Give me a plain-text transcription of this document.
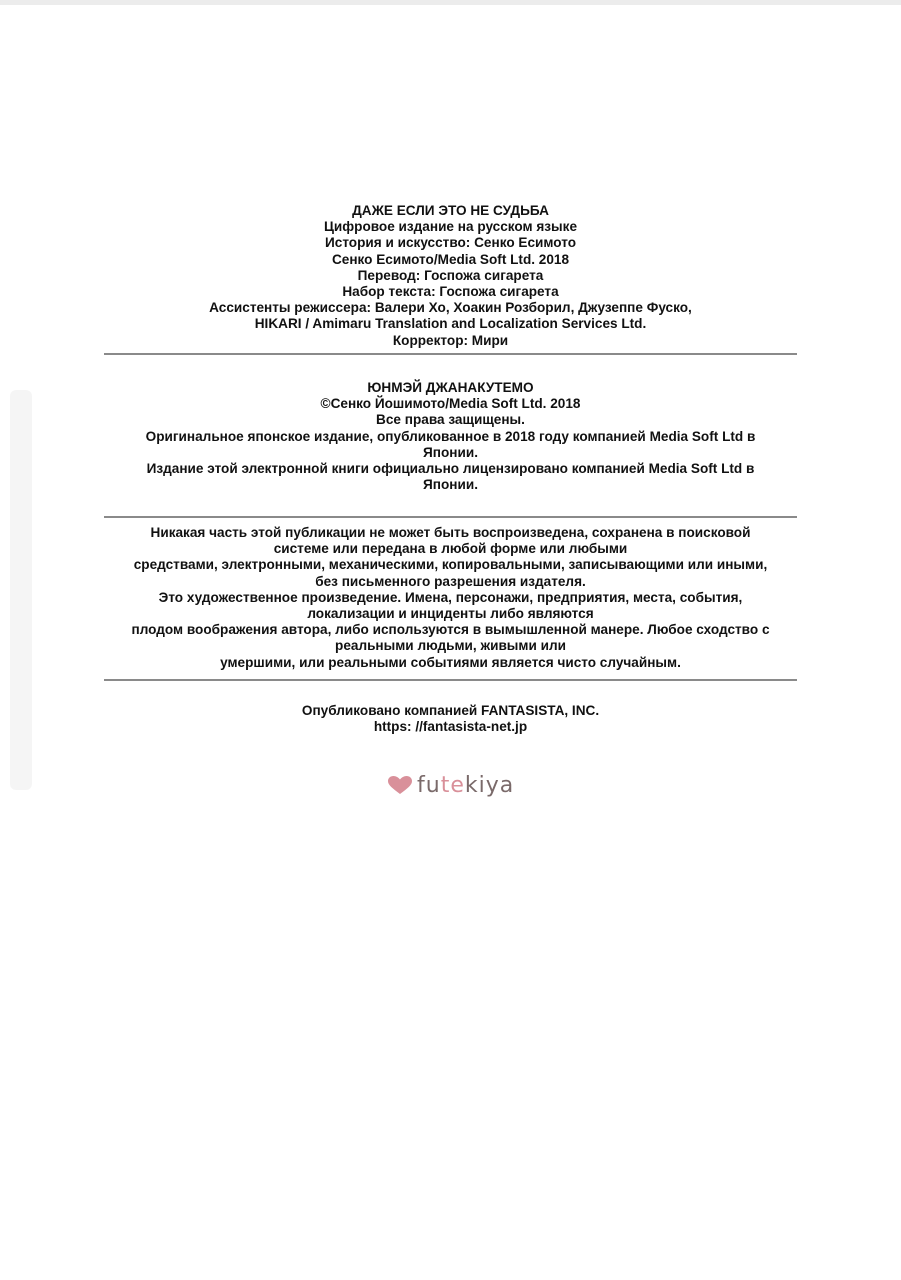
ДАЖЕ ЕСЛИ ЭТО НЕ СУДЬБА
Цифровое издание на русском языке
История и искусство: Сенко Есимото
Сенко Есимото/Media Soft Ltd. 2018
Перевод: Госпожа сигарета
Набор текста: Госпожа сигарета
Ассистенты режиссера: Валери Хо, Хоакин Розборил, Джузеппе Фуско,
HIKARI / Amimaru Translation and Localization Services Ltd.
Корректор: Мири
ЮНМЭЙ ДЖАНАКУТЕМО
©Сенко Йошимото/Media Soft Ltd. 2018
Все права защищены.
Оригинальное японское издание, опубликованное в 2018 году компанией Media Soft Ltd в
Японии.
Издание этой электронной книги официально лицензировано компанией Media Soft Ltd в
Японии.
Никакая часть этой публикации не может быть воспроизведена, сохранена в поисковой
системе или передана в любой форме или любыми
средствами, электронными, механическими, копировальными, записывающими или иными,
без письменного разрешения издателя.
Это художественное произведение. Имена, персонажи, предприятия, места, события,
локализации и инциденты либо являются
плодом воображения автора, либо используются в вымышленной манере. Любое сходство с
реальными людьми, живыми или
умершими, или реальными событиями является чисто случайным.
Опубликовано компанией FANTASISTA, INC.
https: //fantasista-net.jp
futekiya
